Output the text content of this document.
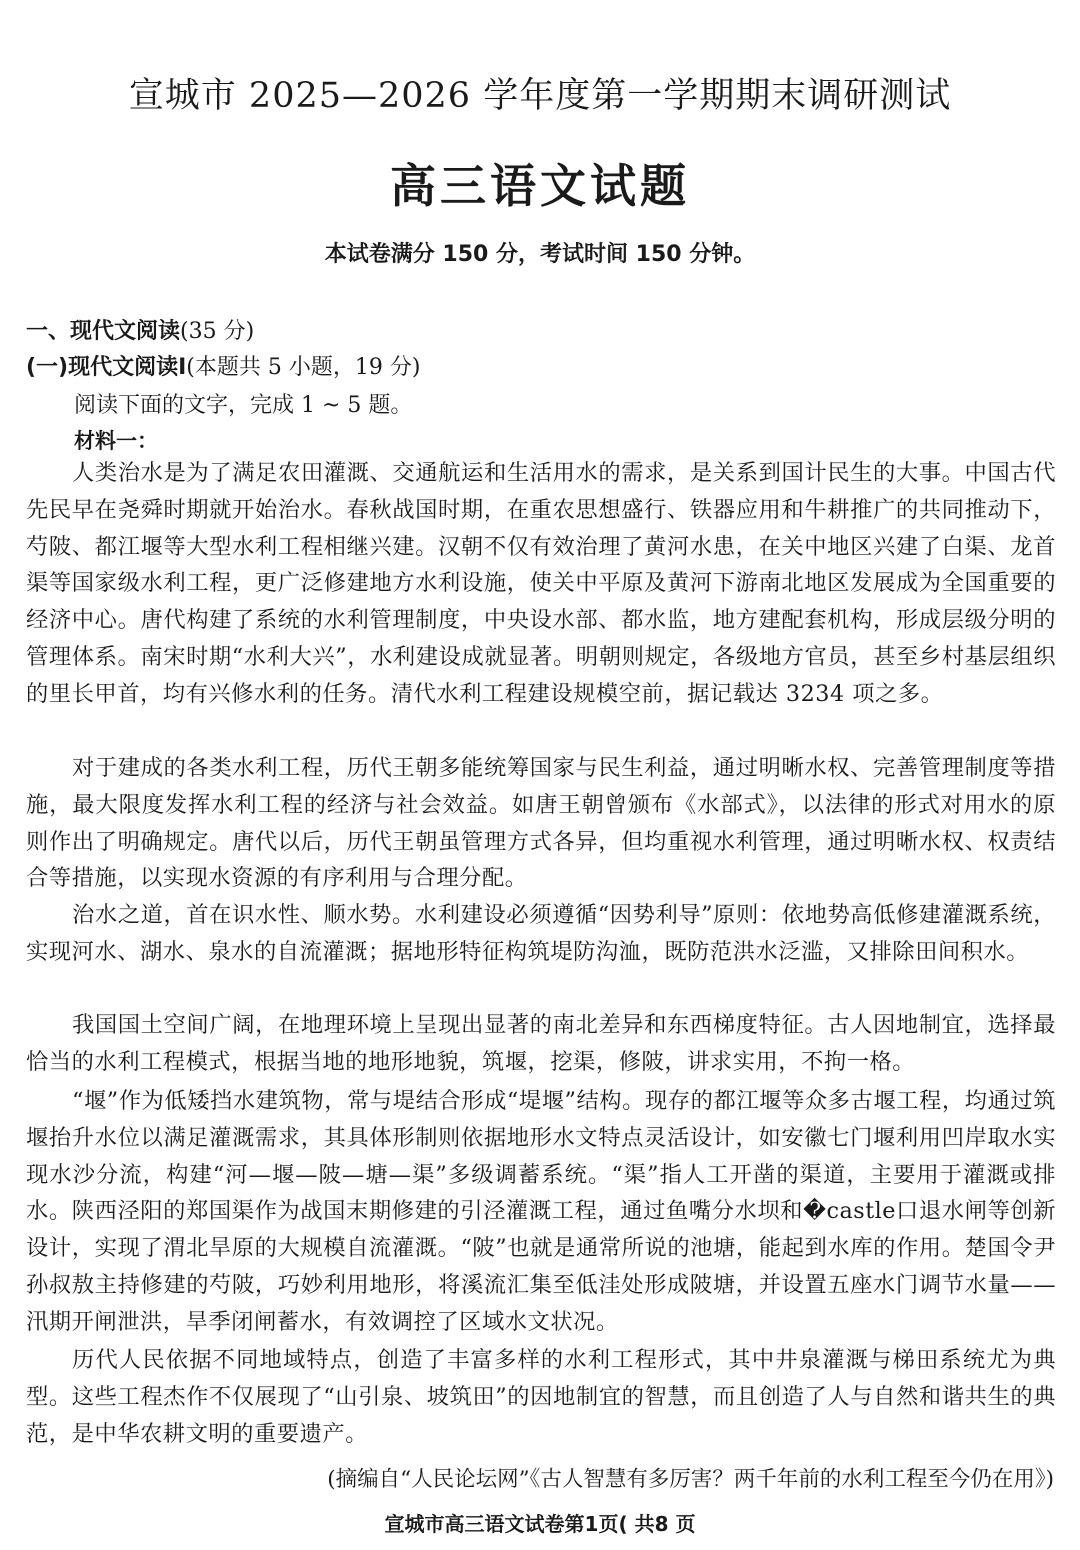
宣城市 2025—2026 学年度第一学期期末调研测试
高三语文试题
本试卷满分 150 分，考试时间 150 分钟。
一、现代文阅读(35 分)
(一)现代文阅读Ⅰ(本题共 5 小题，19 分)
阅读下面的文字，完成 1 ~ 5 题。
材料一：

人类治水是为了满足农田灌溉、交通航运和生活用水的需求，是关系到国计民生的大事。中国古代先民早在尧舜时期就开始治水。春秋战国时期，在重农思想盛行、铁器应用和牛耕推广的共同推动下，芍陂、都江堰等大型水利工程相继兴建。汉朝不仅有效治理了黄河水患，在关中地区兴建了白渠、龙首渠等国家级水利工程，更广泛修建地方水利设施，使关中平原及黄河下游南北地区发展成为全国重要的经济中心。唐代构建了系统的水利管理制度，中央设水部、都水监，地方建配套机构，形成层级分明的管理体系。南宋时期“水利大兴”，水利建设成就显著。明朝则规定，各级地方官员，甚至乡村基层组织的里长甲首，均有兴修水利的任务。清代水利工程建设规模空前，据记载达 3234 项之多。

对于建成的各类水利工程，历代王朝多能统筹国家与民生利益，通过明晰水权、完善管理制度等措施，最大限度发挥水利工程的经济与社会效益。如唐王朝曾颁布《水部式》，以法律的形式对用水的原则作出了明确规定。唐代以后，历代王朝虽管理方式各异，但均重视水利管理，通过明晰水权、权责结合等措施，以实现水资源的有序利用与合理分配。

治水之道，首在识水性、顺水势。水利建设必须遵循“因势利导”原则：依地势高低修建灌溉系统，实现河水、湖水、泉水的自流灌溉；据地形特征构筑堤防沟洫，既防范洪水泛滥，又排除田间积水。

我国国土空间广阔，在地理环境上呈现出显著的南北差异和东西梯度特征。古人因地制宜，选择最恰当的水利工程模式，根据当地的地形地貌，筑堰，挖渠，修陂，讲求实用，不拘一格。

“堰”作为低矮挡水建筑物，常与堤结合形成“堤堰”结构。现存的都江堰等众多古堰工程，均通过筑堰抬升水位以满足灌溉需求，其具体形制则依据地形水文特点灵活设计，如安徽七门堰利用凹岸取水实现水沙分流，构建“河—堰—陂—塘—渠”多级调蓄系统。“渠”指人工开凿的渠道，主要用于灌溉或排水。陕西泾阳的郑国渠作为战国末期修建的引泾灌溉工程，通过鱼嘴分水坝和�castle口退水闸等创新设计，实现了渭北旱原的大规模自流灌溉。“陂”也就是通常所说的池塘，能起到水库的作用。楚国令尹孙叔敖主持修建的芍陂，巧妙利用地形，将溪流汇集至低洼处形成陂塘，并设置五座水门调节水量——汛期开闸泄洪，旱季闭闸蓄水，有效调控了区域水文状况。

历代人民依据不同地域特点，创造了丰富多样的水利工程形式，其中井泉灌溉与梯田系统尤为典型。这些工程杰作不仅展现了“山引泉、坡筑田”的因地制宜的智慧，而且创造了人与自然和谐共生的典范，是中华农耕文明的重要遗产。

(摘编自“人民论坛网”《古人智慧有多厉害？两千年前的水利工程至今仍在用》)
宣城市高三语文试卷第1页( 共8 页
